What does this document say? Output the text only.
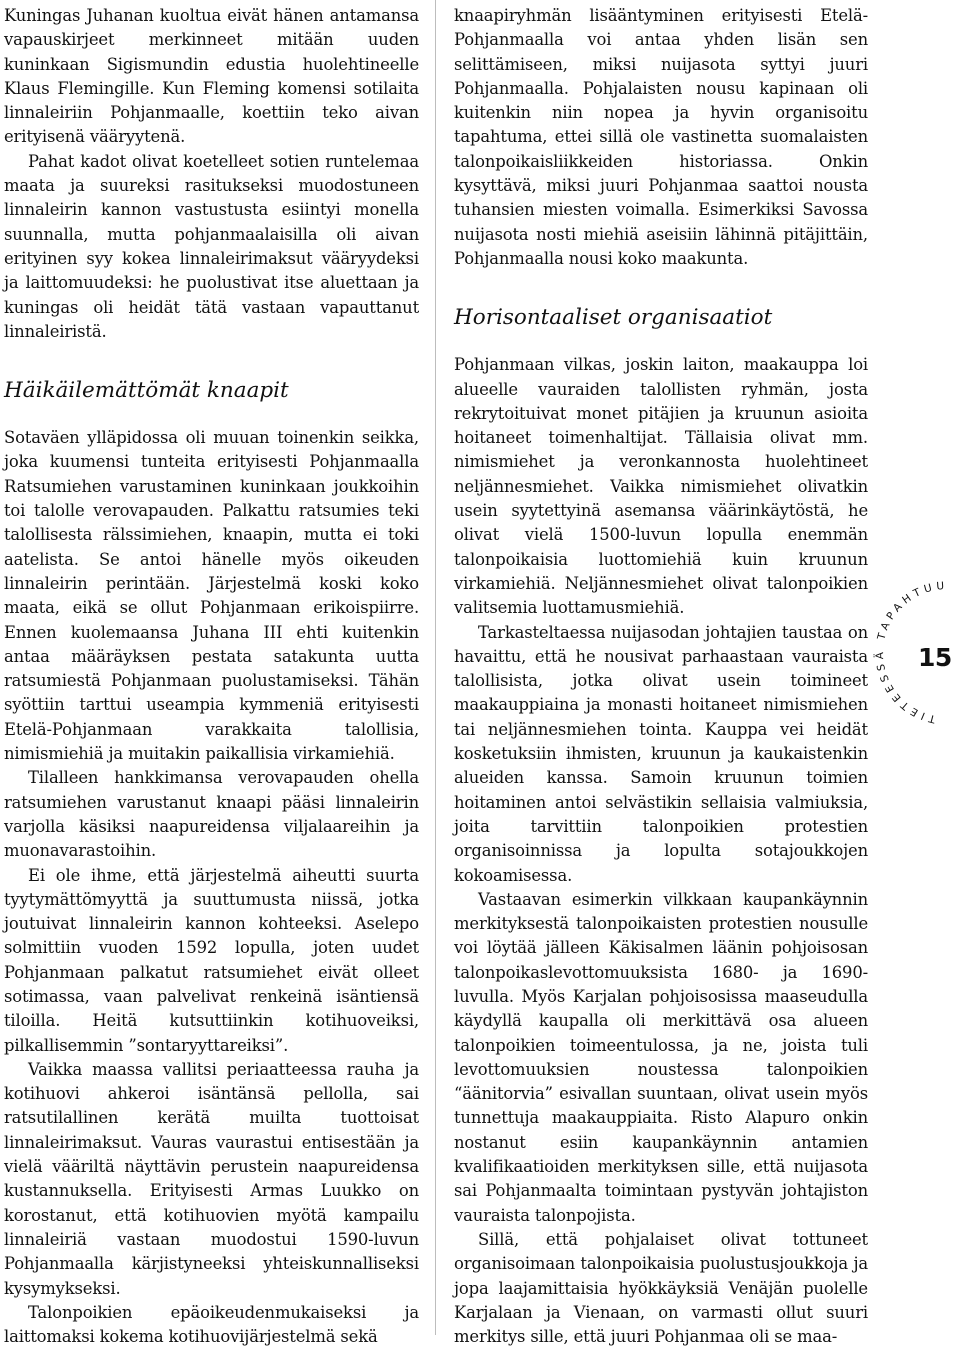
Kuningas Juhanan kuoltua eivät hänen antamansa vapauskirjeet merkinneet mitään uuden kuninkaan Sigismundin edustia huolehtineelle Klaus Flemingille. Kun Fleming komensi sotilaita linnaleiriin Pohjanmaalle, koettiin teko aivan erityisenä vääryytenä.

Pahat kadot olivat koetelleet sotien runtelemaa maata ja suureksi rasitukseksi muodostuneen linnaleirin kannon vastustusta esiintyi monella suunnalla, mutta pohjanmaalaisilla oli aivan erityinen syy kokea linnaleirimaksut vääryydeksi ja laittomuudeksi: he puolustivat itse aluettaan ja kuningas oli heidät tätä vastaan vapauttanut linnaleiristä.

Häikäilemättömät knaapit

Sotaväen ylläpidossa oli muuan toinenkin seikka, joka kuumensi tunteita erityisesti Pohjanmaalla Ratsumiehen varustaminen kuninkaan joukkoihin toi talolle verovapauden. Palkattu ratsumies teki talollisesta rälssimiehen, knaapin, mutta ei toki aatelista. Se antoi hänelle myös oikeuden linnaleirin perintään. Järjestelmä koski koko maata, eikä se ollut Pohjanmaan erikoispiirre. Ennen kuolemaansa Juhana III ehti kuitenkin antaa määräyksen pestata satakunta uutta ratsumiestä Pohjanmaan puolustamiseksi. Tähän syöttiin tarttui useampia kymmeniä erityisesti Etelä-Pohjanmaan varakkaita talollisia, nimismiehiä ja muitakin paikallisia virkamiehiä.

Tilalleen hankkimansa verovapauden ohella ratsumiehen varustanut knaapi pääsi linnaleirin varjolla käsiksi naapureidensa viljalaareihin ja muonavarastoihin.

Ei ole ihme, että järjestelmä aiheutti suurta tyytymättömyyttä ja suuttumusta niissä, jotka joutuivat linnaleirin kannon kohteeksi. Aselepo solmittiin vuoden 1592 lopulla, joten uudet Pohjanmaan palkatut ratsumiehet eivät olleet sotimassa, vaan palvelivat renkeinä isäntiensä tiloilla. Heitä kutsuttiinkin kotihuoveiksi, pilkallisemmin ”sontaryyttareiksi”.

Vaikka maassa vallitsi periaatteessa rauha ja kotihuovi ahkeroi isäntänsä pellolla, sai ratsutilallinen kerätä muilta tuottoisat linnaleirimaksut. Vauras vaurastui entisestään ja vielä vääriltä näyttävin perustein naapureidensa kustannuksella. Erityisesti Armas Luukko on korostanut, että kotihuovien myötä kampailu linnaleiriä vastaan muodostui 1590-luvun Pohjanmaalla kärjistyneeksi yhteiskunnalliseksi kysymykseksi.

Talonpoikien epäoikeudenmukaiseksi ja laittomaksi kokema kotihuovijärjestelmä sekä

knaapiryhmän lisääntyminen erityisesti Etelä-Pohjanmaalla voi antaa yhden lisän sen selittämiseen, miksi nuijasota syttyi juuri Pohjanmaalla. Pohjalaisten nousu kapinaan oli kuitenkin niin nopea ja hyvin organisoitu tapahtuma, ettei sillä ole vastinetta suomalaisten talonpoikaisliikkeiden historiassa. Onkin kysyttävä, miksi juuri Pohjanmaa saattoi nousta tuhansien miesten voimalla. Esimerkiksi Savossa nuijasota nosti miehiä aseisiin lähinnä pitäjittäin, Pohjanmaalla nousi koko maakunta.

Horisontaaliset organisaatiot

Pohjanmaan vilkas, joskin laiton, maakauppa loi alueelle vauraiden talollisten ryhmän, josta rekrytoituivat monet pitäjien ja kruunun asioita hoitaneet toimenhaltijat. Tällaisia olivat mm. nimismiehet ja veronkannosta huolehtineet neljännesmiehet. Vaikka nimismiehet olivatkin usein syytettyinä asemansa väärinkäytöstä, he olivat vielä 1500-luvun lopulla enemmän talonpoikaisia luottomiehiä kuin kruunun virkamiehiä. Neljännesmiehet olivat talonpoikien valitsemia luottamusmiehiä.

Tarkasteltaessa nuijasodan johtajien taustaa on havaittu, että he nousivat parhaastaan vauraista talollisista, jotka olivat usein toimineet maakauppiaina ja monasti hoitaneet nimismiehen tai neljännesmiehen tointa. Kauppa vei heidät kosketuksiin ihmisten, kruunun ja kaukaistenkin alueiden kanssa. Samoin kruunun toimien hoitaminen antoi selvästikin sellaisia valmiuksia, joita tarvittiin talonpoikien protestien organisoinnissa ja lopulta sotajoukkojen kokoamisessa.

Vastaavan esimerkin vilkkaan kaupankäynnin merkityksestä talonpoikaisten protestien nousulle voi löytää jälleen Käkisalmen läänin pohjoisosan talonpoikaslevottomuuksista 1680- ja 1690-luvulla. Myös Karjalan pohjoisosissa maaseudulla käydyllä kaupalla oli merkittävä osa alueen talonpoikien toimeentulossa, ja ne, joista tuli levottomuuksien noustessa talonpoikien “äänitorvia” esivallan suuntaan, olivat usein myös tunnettuja maakauppiaita. Risto Alapuro onkin nostanut esiin kaupankäynnin antamien kvalifikaatioiden merkityksen sille, että nuijasota sai Pohjanmaalta toimintaan pystyvän johtajiston vauraista talonpojista.

Sillä, että pohjalaiset olivat tottuneet organisoimaan talonpoikaisia puolustusjoukkoja ja jopa laajamittaisia hyökkäyksiä Venäjän puolelle Karjalaan ja Vienaan, on varmasti ollut suuri merkitys sille, että juuri Pohjanmaa oli se maa-

TIETEESSÄ TAPAHTUU
15
